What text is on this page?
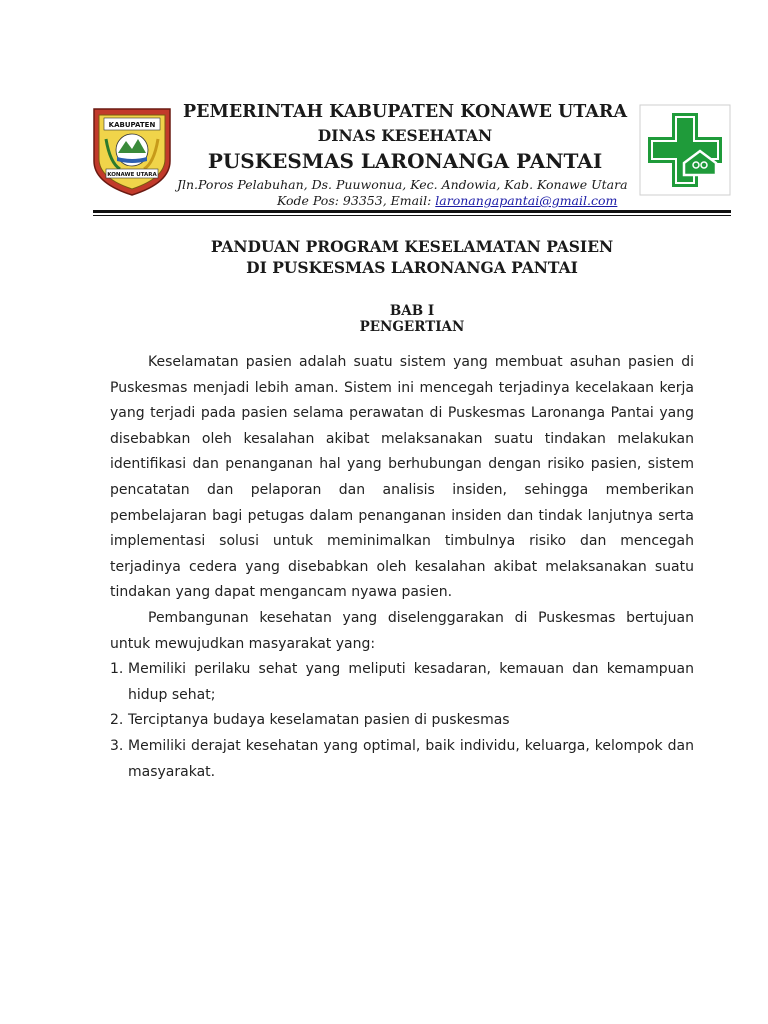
KABUPATEN
KONAWE UTARA
PEMERINTAH KABUPATEN KONAWE UTARA
DINAS KESEHATAN
PUSKESMAS LARONANGA PANTAI
Jln.Poros Pelabuhan, Ds. Puuwonua, Kec. Andowia, Kab. Konawe Utara
Kode Pos: 93353, Email: laronangapantai@gmail.com
PANDUAN PROGRAM KESELAMATAN PASIEN
DI PUSKESMAS LARONANGA PANTAI
BAB I
PENGERTIAN

Keselamatan pasien adalah suatu sistem yang membuat asuhan pasien di Puskesmas menjadi lebih aman. Sistem ini mencegah terjadinya kecelakaan kerja yang terjadi pada pasien selama perawatan di Puskesmas Laronanga Pantai yang disebabkan oleh kesalahan akibat melaksanakan suatu tindakan melakukan identifikasi dan penanganan hal yang berhubungan dengan risiko pasien, sistem pencatatan dan pelaporan dan analisis insiden, sehingga memberikan pembelajaran bagi petugas dalam penanganan insiden dan tindak lanjutnya serta implementasi solusi untuk meminimalkan timbulnya risiko dan mencegah terjadinya cedera yang disebabkan oleh kesalahan akibat melaksanakan suatu tindakan yang dapat mengancam nyawa pasien.

Pembangunan kesehatan yang diselenggarakan di Puskesmas bertujuan untuk mewujudkan masyarakat yang:

1. Memiliki perilaku sehat yang meliputi kesadaran, kemauan dan kemampuan hidup sehat;
2. Terciptanya budaya keselamatan pasien di puskesmas
3. Memiliki derajat kesehatan yang optimal, baik individu, keluarga, kelompok dan masyarakat.
